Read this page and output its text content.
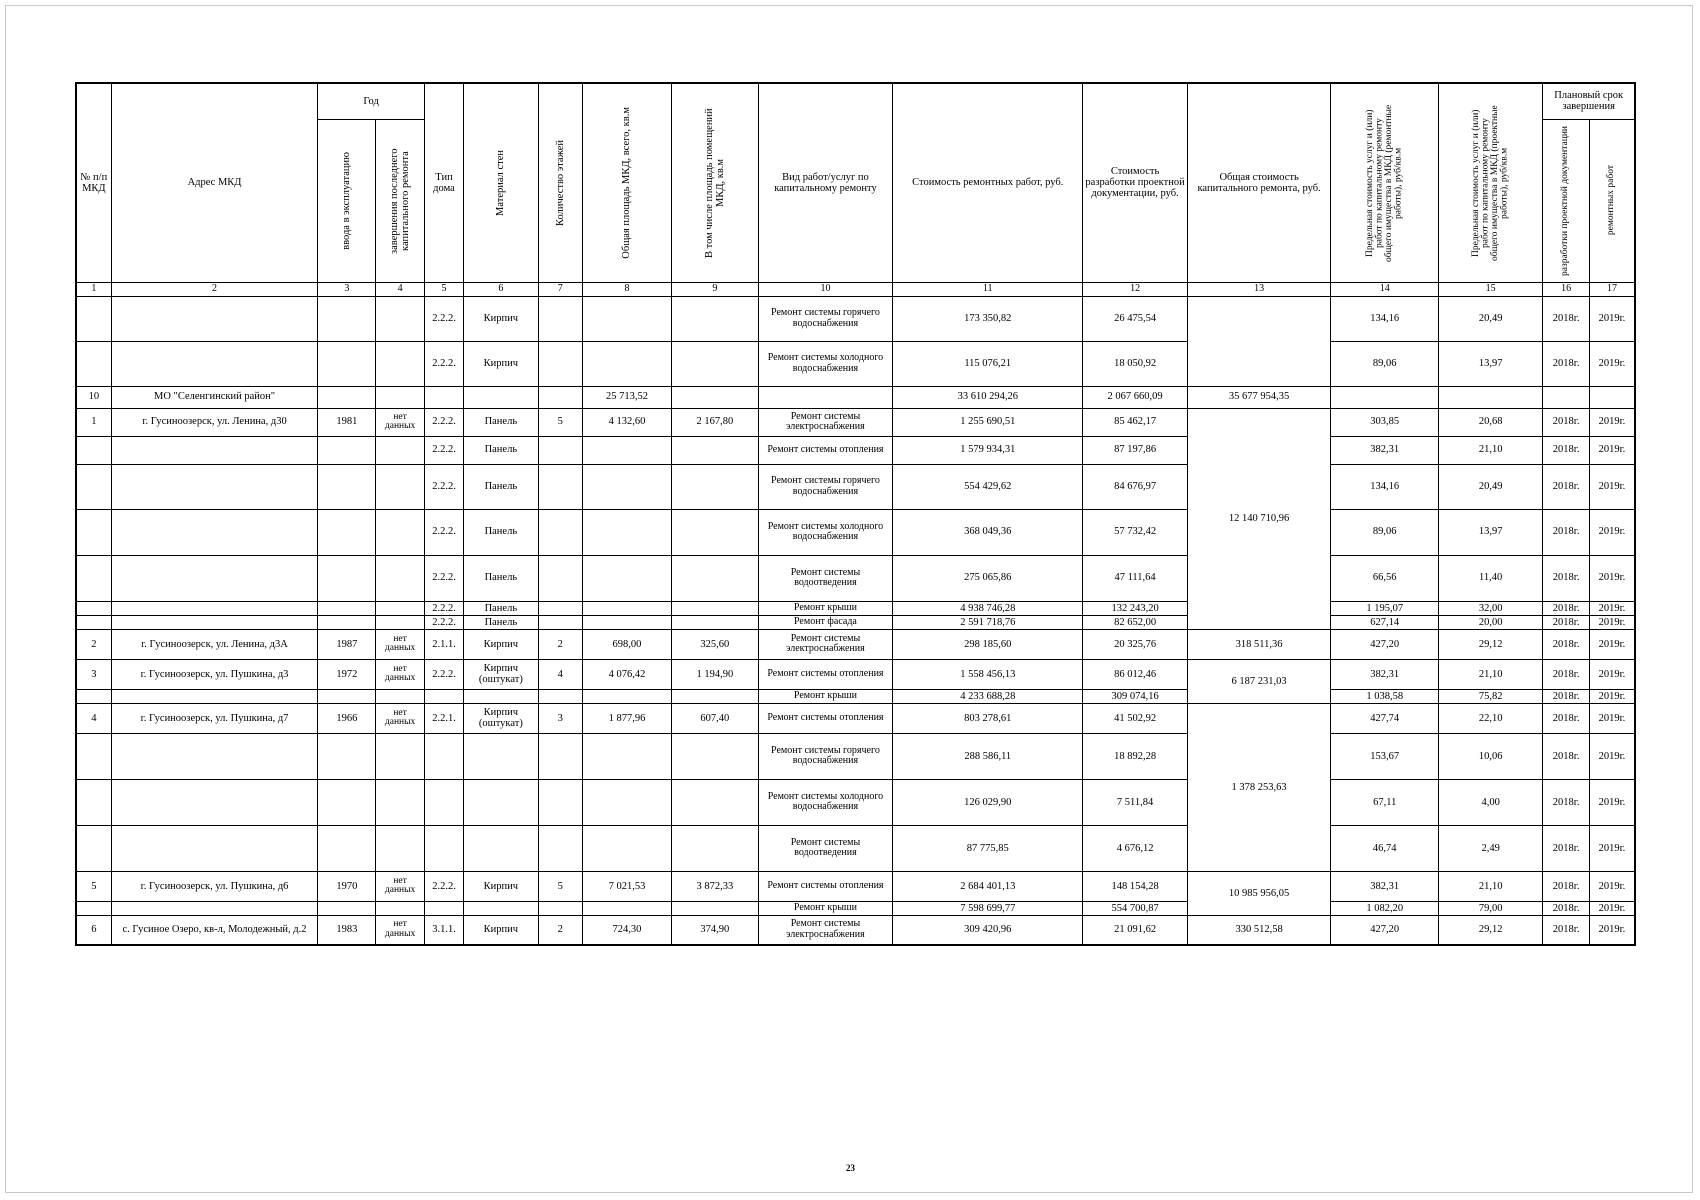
№ п/п МКД	Адрес МКД	Год		Тип дома	Материал стен	Количество этажей	Общая площадь МКД, всего, кв.м	В том числе площадь помещений МКД, кв.м	Вид работ/услуг по капитальному ремонту	Стоимость ремонтных работ, руб.	Стоимость разработки проектной документации, руб.	Общая стоимость капитального ремонта, руб.	Предельная стоимость услуг и (или) работ по капитальному ремонту общего имущества в МКД (ремонтные работы), руб/кв.м	Предельная стоимость услуг и (или) работ по капитальному ремонту общего имущества в МКД (проектные работы), руб/кв.м	Плановый срок завершения	

		ввода в эксплуатацию	завершения последнего капитального ремонта												разработки проектной документации	ремонтных работ

1	2	3	4	5	6	7	8	9	10	11	12	13	14	15	16	17
				2.2.2.	Кирпич				Ремонт системы горячего водоснабжения	173 350,82	26 475,54		134,16	20,49	2018г.	2019г.
				2.2.2.	Кирпич				Ремонт системы холодного водоснабжения	115 076,21	18 050,92		89,06	13,97	2018г.	2019г.
10	МО "Селенгинский район"						25 713,52			33 610 294,26	2 067 660,09	35 677 954,35				
1	г. Гусиноозерск, ул. Ленина, д30	1981	нет данных	2.2.2.	Панель	5	4 132,60	2 167,80	Ремонт системы электроснабжения	1 255 690,51	85 462,17	12 140 710,96	303,85	20,68	2018г.	2019г.
				2.2.2.	Панель				Ремонт системы отопления	1 579 934,31	87 197,86		382,31	21,10	2018г.	2019г.
				2.2.2.	Панель				Ремонт системы горячего водоснабжения	554 429,62	84 676,97		134,16	20,49	2018г.	2019г.
				2.2.2.	Панель				Ремонт системы холодного водоснабжения	368 049,36	57 732,42		89,06	13,97	2018г.	2019г.
				2.2.2.	Панель				Ремонт системы водоотведения	275 065,86	47 111,64		66,56	11,40	2018г.	2019г.
				2.2.2.	Панель				Ремонт крыши	4 938 746,28	132 243,20		1 195,07	32,00	2018г.	2019г.
				2.2.2.	Панель				Ремонт фасада	2 591 718,76	82 652,00		627,14	20,00	2018г.	2019г.
2	г. Гусиноозерск, ул. Ленина, д3А	1987	нет данных	2.1.1.	Кирпич	2	698,00	325,60	Ремонт системы электроснабжения	298 185,60	20 325,76	318 511,36	427,20	29,12	2018г.	2019г.
3	г. Гусиноозерск, ул. Пушкина, д3	1972	нет данных	2.2.2.	Кирпич (оштукат)	4	4 076,42	1 194,90	Ремонт системы отопления	1 558 456,13	86 012,46	6 187 231,03	382,31	21,10	2018г.	2019г.
									Ремонт крыши	4 233 688,28	309 074,16		1 038,58	75,82	2018г.	2019г.
4	г. Гусиноозерск, ул. Пушкина, д7	1966	нет данных	2.2.1.	Кирпич (оштукат)	3	1 877,96	607,40	Ремонт системы отопления	803 278,61	41 502,92	1 378 253,63	427,74	22,10	2018г.	2019г.
									Ремонт системы горячего водоснабжения	288 586,11	18 892,28		153,67	10,06	2018г.	2019г.
									Ремонт системы холодного водоснабжения	126 029,90	7 511,84		67,11	4,00	2018г.	2019г.
									Ремонт системы водоотведения	87 775,85	4 676,12		46,74	2,49	2018г.	2019г.
5	г. Гусиноозерск, ул. Пушкина, д6	1970	нет данных	2.2.2.	Кирпич	5	7 021,53	3 872,33	Ремонт системы отопления	2 684 401,13	148 154,28	10 985 956,05	382,31	21,10	2018г.	2019г.
									Ремонт крыши	7 598 699,77	554 700,87		1 082,20	79,00	2018г.	2019г.
6	с. Гусиное Озеро, кв-л, Молодежный, д.2	1983	нет данных	3.1.1.	Кирпич	2	724,30	374,90	Ремонт системы электроснабжения	309 420,96	21 091,62	330 512,58	427,20	29,12	2018г.	2019г.
23
